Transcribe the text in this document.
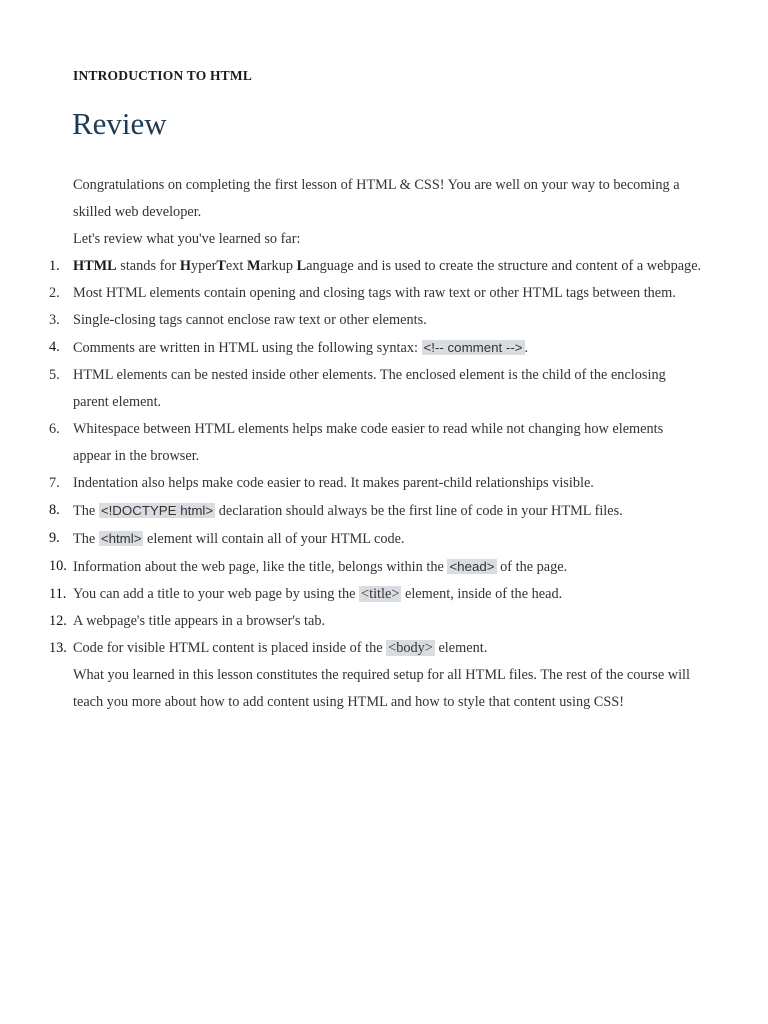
INTRODUCTION TO HTML
Review

Congratulations on completing the first lesson of HTML & CSS! You are well on your way to becoming a skilled web developer.

Let's review what you've learned so far:

1. HTML stands for HyperText Markup Language and is used to create the structure and content of a webpage.
2. Most HTML elements contain opening and closing tags with raw text or other HTML tags between them.
3. Single-closing tags cannot enclose raw text or other elements.
4. Comments are written in HTML using the following syntax: <!-- comment --> .
5. HTML elements can be nested inside other elements. The enclosed element is the child of the enclosing parent element.
6. Whitespace between HTML elements helps make code easier to read while not changing how elements appear in the browser.
7. Indentation also helps make code easier to read. It makes parent-child relationships visible.
8. The <!DOCTYPE html> declaration should always be the first line of code in your HTML files.
9. The <html> element will contain all of your HTML code.
10. Information about the web page, like the title, belongs within the <head> of the page.
11. You can add a title to your web page by using the <title> element, inside of the head.
12. A webpage's title appears in a browser's tab.
13. Code for visible HTML content is placed inside of the <body> element.

What you learned in this lesson constitutes the required setup for all HTML files. The rest of the course will teach you more about how to add content using HTML and how to style that content using CSS!
